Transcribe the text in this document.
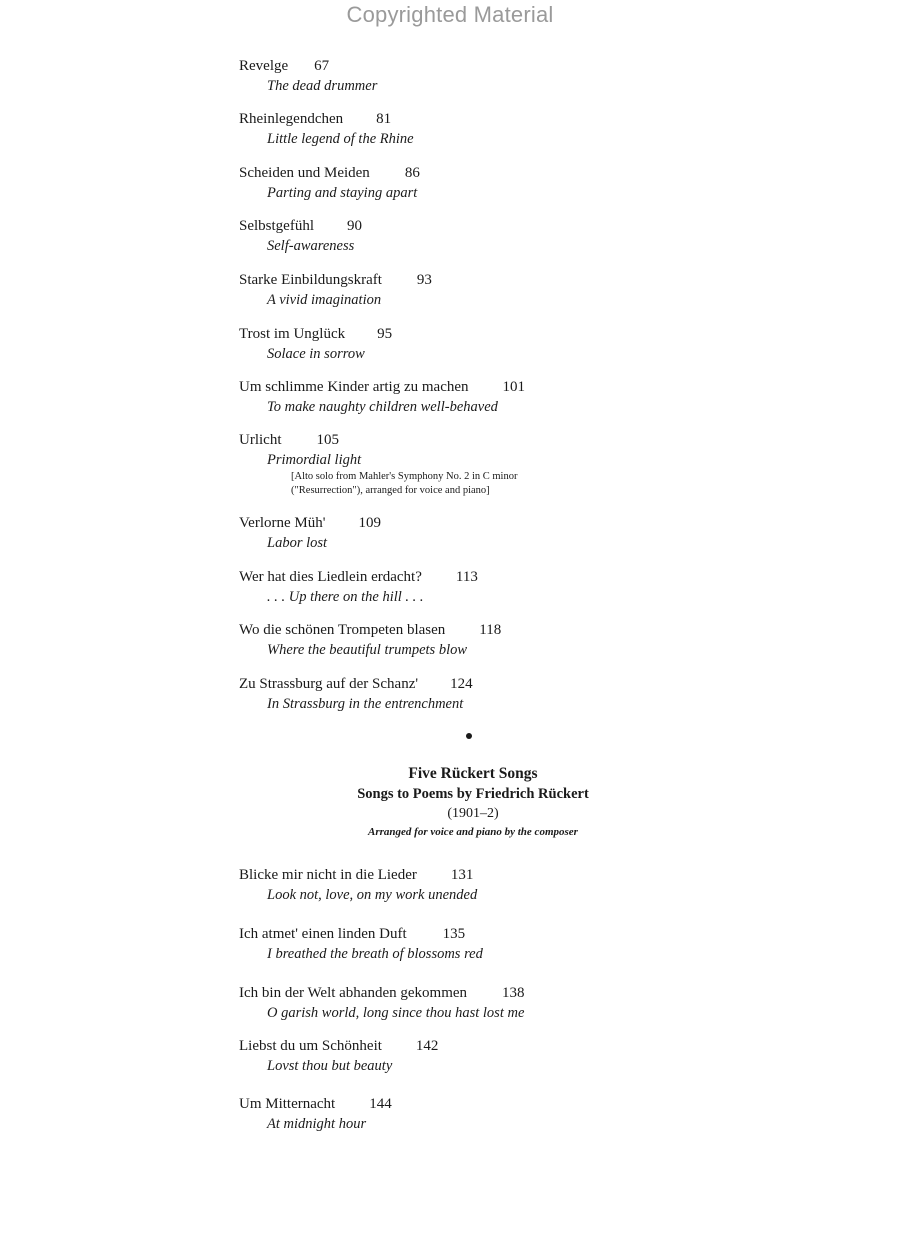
Copyrighted Material
Revelge 67
The dead drummer
Rheinlegendchen 81
Little legend of the Rhine
Scheiden und Meiden 86
Parting and staying apart
Selbstgefühl 90
Self-awareness
Starke Einbildungskraft 93
A vivid imagination
Trost im Unglück 95
Solace in sorrow
Um schlimme Kinder artig zu machen 101
To make naughty children well-behaved
Urlicht 105
Primordial light
[Alto solo from Mahler's Symphony No. 2 in C minor
("Resurrection"), arranged for voice and piano]
Verlorne Müh' 109
Labor lost
Wer hat dies Liedlein erdacht? 113
. . . Up there on the hill . . .
Wo die schönen Trompeten blasen 118
Where the beautiful trumpets blow
Zu Strassburg auf der Schanz' 124
In Strassburg in the entrenchment
Five Rückert Songs
Songs to Poems by Friedrich Rückert
(1901–2)
Arranged for voice and piano by the composer
Blicke mir nicht in die Lieder 131
Look not, love, on my work unended
Ich atmet' einen linden Duft 135
I breathed the breath of blossoms red
Ich bin der Welt abhanden gekommen 138
O garish world, long since thou hast lost me
Liebst du um Schönheit 142
Lovst thou but beauty
Um Mitternacht 144
At midnight hour
